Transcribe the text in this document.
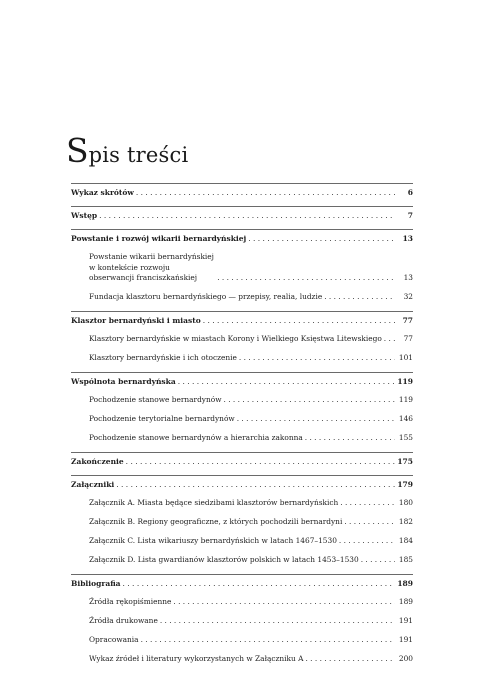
Spis treści
Wykaz skrótów . . .	6
Wstęp . . .	7
Powstanie i rozwój wikarii bernardyńskiej . . .	13
Powstanie wikarii bernardyńskiej w kontekście rozwoju obserwancji franciszkańskiej . . .	13
Fundacja klasztoru bernardyńskiego — przepisy, realia, ludzie . . .	32
Klasztor bernardyński i miasto . . .	77
Klasztory bernardyńskie w miastach Korony i Wielkiego Księstwa Litewskiego . . .	77
Klasztory bernardyńskie i ich otoczenie . . .	101
Wspólnota bernardyńska . . .	119
Pochodzenie stanowe bernardynów . . .	119
Pochodzenie terytorialne bernardynów . . .	146
Pochodzenie stanowe bernardynów a hierarchia zakonna . . .	155
Zakończenie . . .	175
Załączniki . . .	179
Załącznik A. Miasta będące siedzibami klasztorów bernardyńskich . . .	180
Załącznik B. Regiony geograficzne, z których pochodzili bernardyni . . .	182
Załącznik C. Lista wikariuszy bernardyńskich w latach 1467–1530 . . .	184
Załącznik D. Lista gwardianów klasztorów polskich w latach 1453–1530 . . .	185
Bibliografia . . .	189
Źródła rękopiśmienne . . .	189
Źródła drukowane . . .	191
Opracowania . . .	191
Wykaz źródeł i literatury wykorzystanych w Załączniku A . . .	200
